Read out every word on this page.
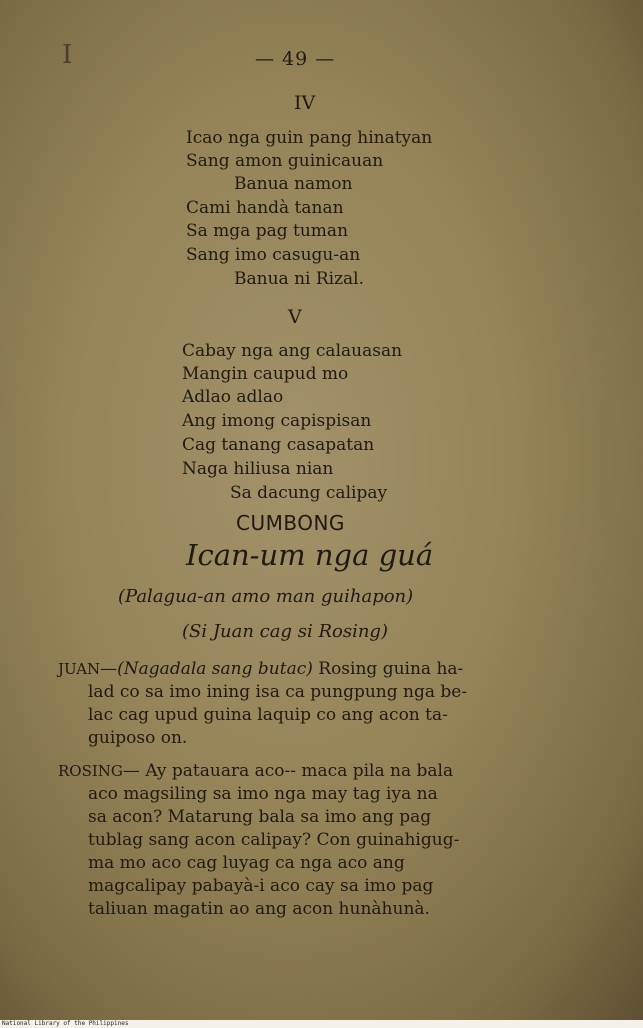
I	— 49 —
IV
Icao nga guin pang hinatyan
Sang amon guinicauan
Banua namon
Cami handà tanan
Sa mga pag tuman
Sang imo casugu-an
Banua ni Rizal.
V
Cabay nga ang calauasan
Mangin caupud mo
Adlao adlao
Ang imong capispisan
Cag tanang casapatan
Naga hiliusa nian
Sa dacung calipay
CUMBONG
Ican-um nga guá
(Palagua-an amo man guihapon)
(Si Juan cag si Rosing)
JUAN—(Nagadala sang butac) Rosing guina ha-
lad co sa imo ining isa ca pungpung nga be-
lac cag upud guina laquip co ang acon ta-
guiposo on.
ROSING— Ay patauara aco-- maca pila na bala
aco magsiling sa imo nga may tag iya na
sa acon? Matarung bala sa imo ang pag
tublag sang acon calipay? Con guinahigug-
ma mo aco cag luyag ca nga aco ang
magcalipay pabayà-i aco cay sa imo pag
taliuan magatin ao ang acon hunàhunà.
National Library of the Philippines
